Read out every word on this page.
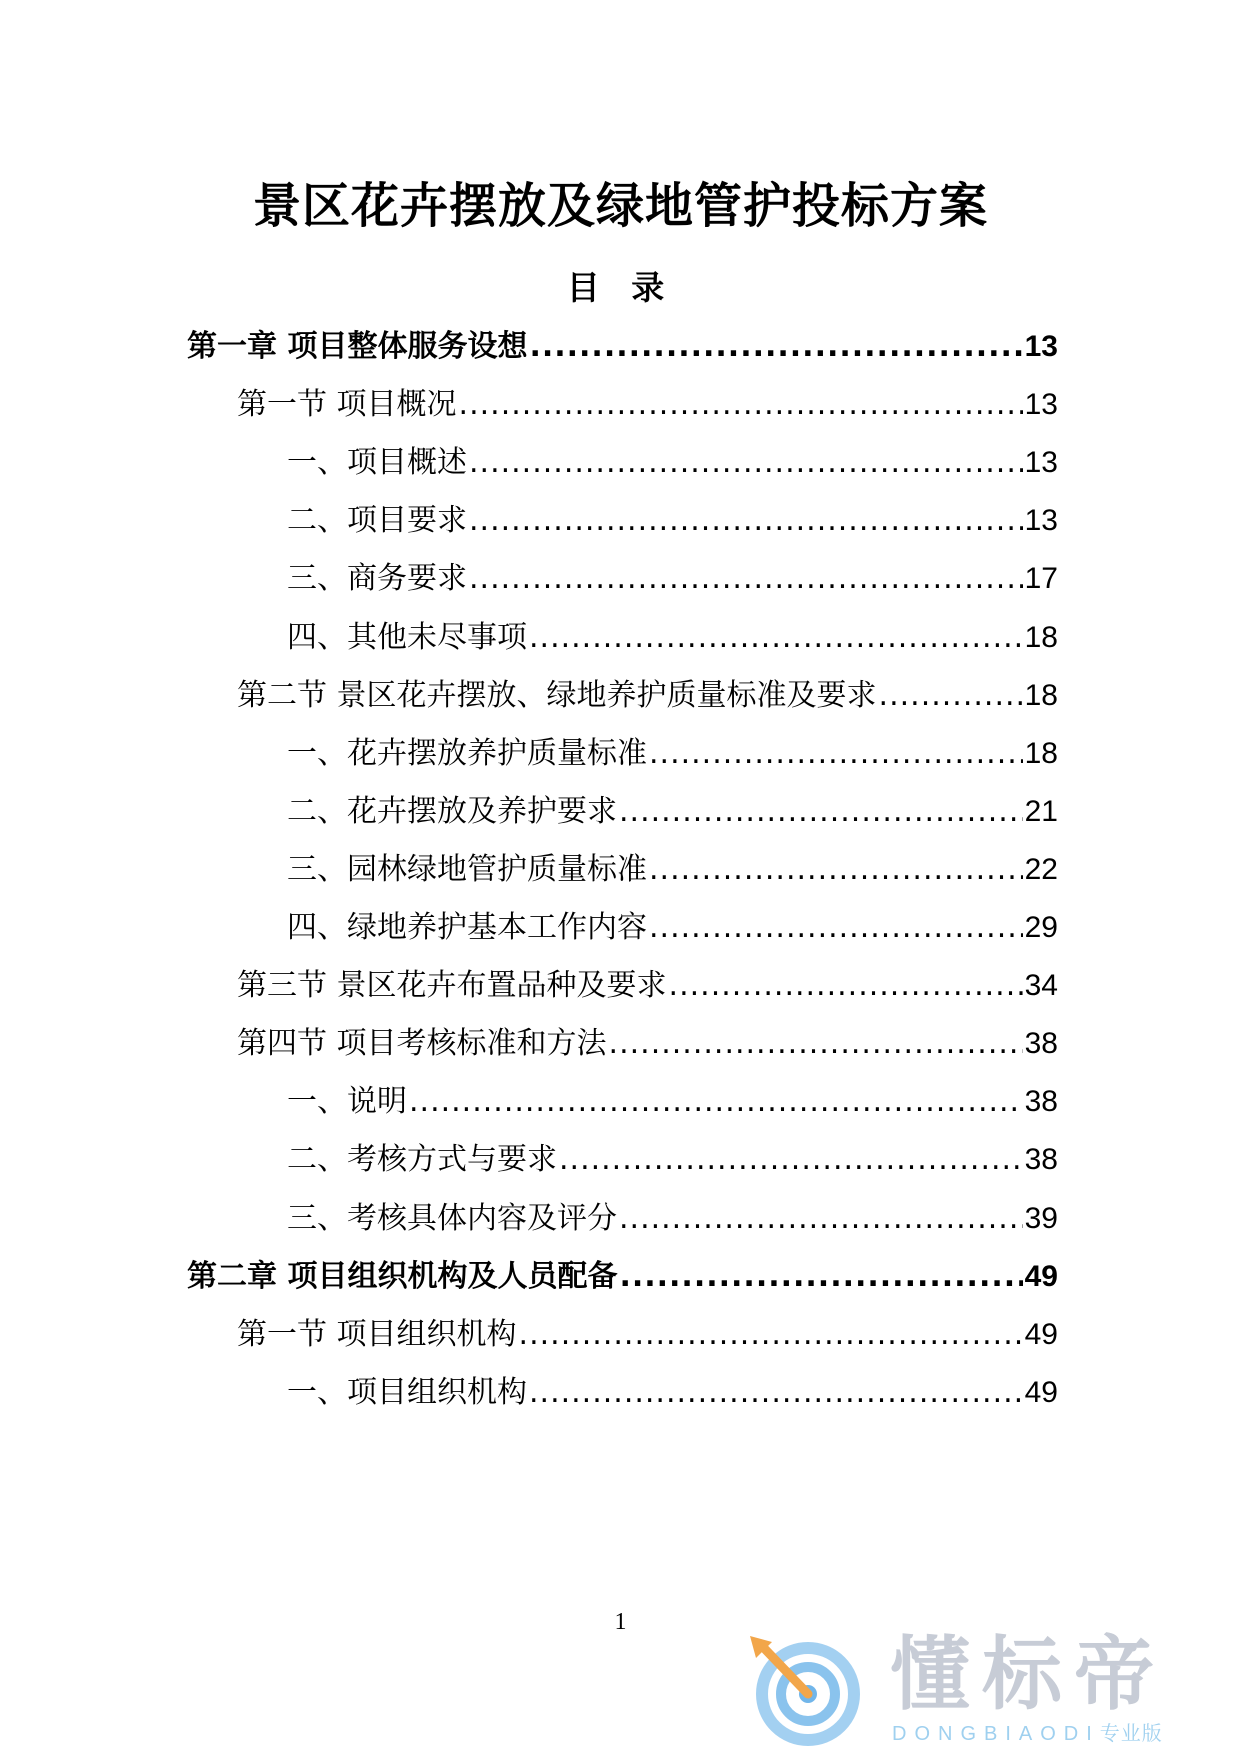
景区花卉摆放及绿地管护投标方案
目 录
第一章 项目整体服务设想 .....	13
第一节 项目概况 .....	13
一、项目概述 .....	13
二、项目要求 .....	13
三、商务要求 .....	17
四、其他未尽事项 .....	18
第二节 景区花卉摆放、绿地养护质量标准及要求 .....	18
一、花卉摆放养护质量标准 .....	18
二、花卉摆放及养护要求 .....	21
三、园林绿地管护质量标准 .....	22
四、绿地养护基本工作内容 .....	29
第三节 景区花卉布置品种及要求 .....	34
第四节 项目考核标准和方法 .....	38
一、说明 .....	38
二、考核方式与要求 .....	38
三、考核具体内容及评分 .....	39
第二章 项目组织机构及人员配备 .....	49
第一节 项目组织机构 .....	49
一、项目组织机构 .....	49
1
懂标帝
DONGBIAODI专业版
